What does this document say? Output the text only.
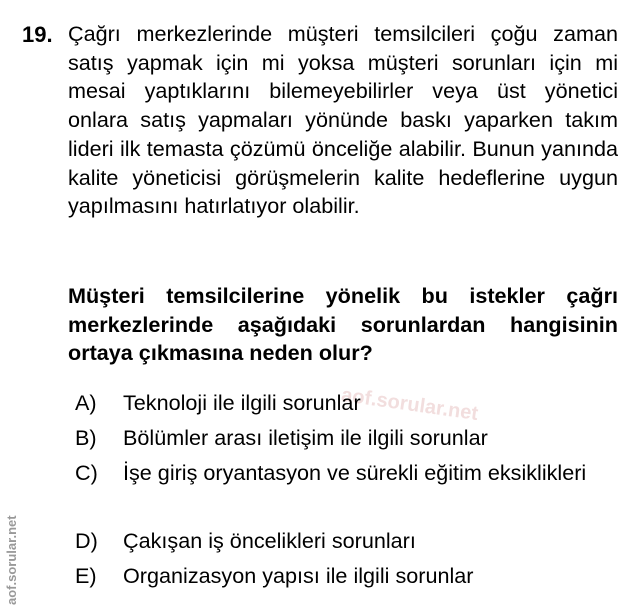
aof.sorular.net
aof.sorular.net
19. Çağrı merkezlerinde müşteri temsilcileri çoğu zaman satış yapmak için mi yoksa müşteri sorunları için mi mesai yaptıklarını bilemeyebilirler veya üst yönetici onlara satış yapmaları yönünde baskı yaparken takım lideri ilk temasta çözümü önceliğe alabilir. Bunun yanında kalite yöneticisi görüşmelerin kalite hedeflerine uygun yapılmasını hatırlatıyor olabilir.

Müşteri temsilcilerine yönelik bu istekler çağrı merkezlerinde aşağıdaki sorunlardan hangisinin ortaya çıkmasına neden olur?

A) Teknoloji ile ilgili sorunlar
B) Bölümler arası iletişim ile ilgili sorunlar
C) İşe giriş oryantasyon ve sürekli eğitim eksiklikleri
D) Çakışan iş öncelikleri sorunları
E) Organizasyon yapısı ile ilgili sorunlar
